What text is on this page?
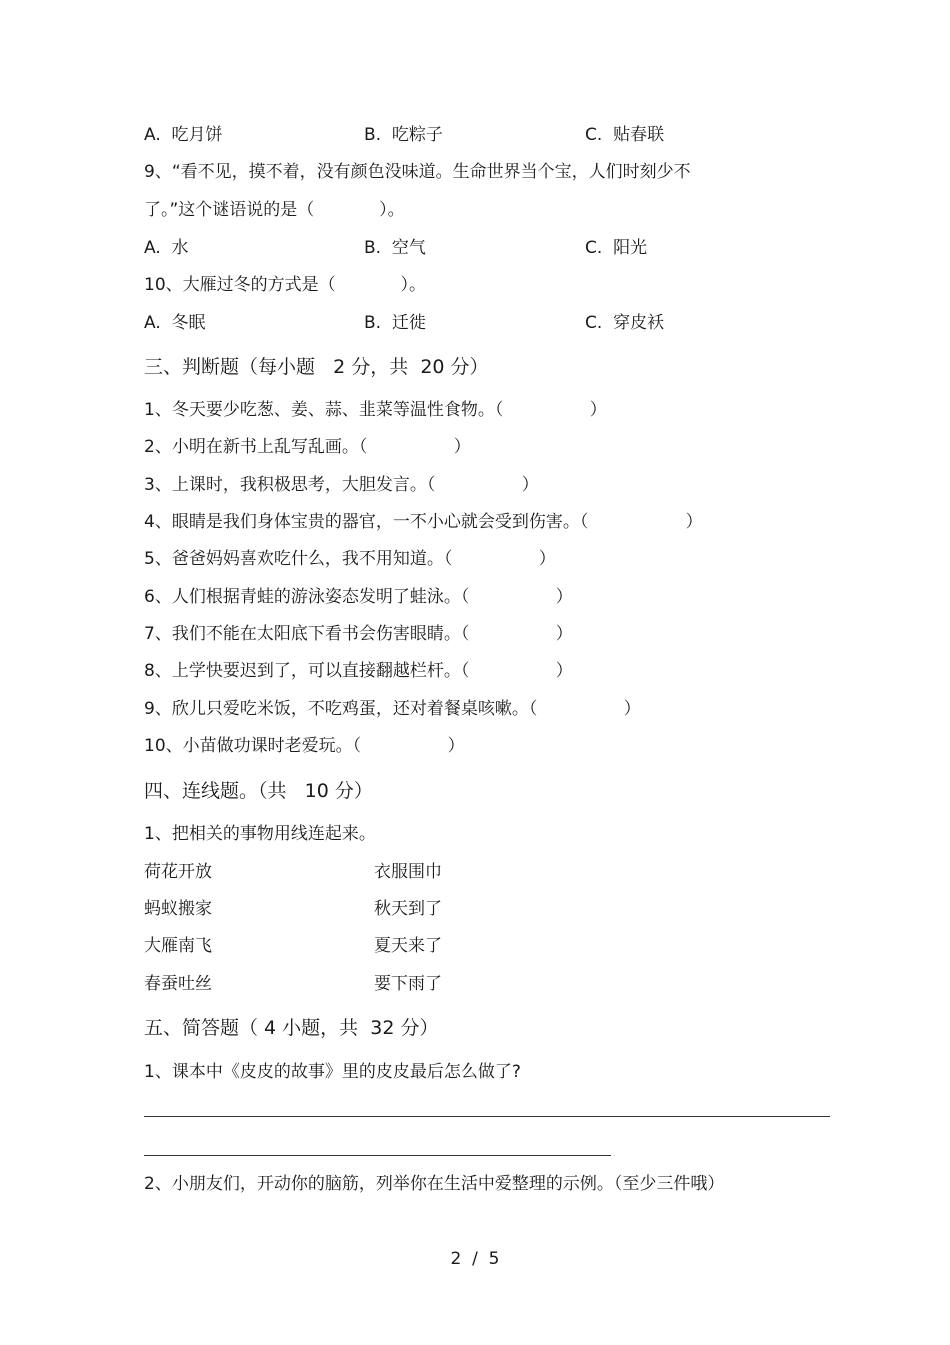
A.  吃月饼	B.  吃粽子	C.  贴春联
9、“看不见，摸不着，没有颜色没味道。生命世界当个宝，人们时刻少不
了。”这个谜语说的是（            ）。
A.  水	B.  空气	C.  阳光
10、大雁过冬的方式是（            ）。
A.  冬眠	B.  迁徙	C.  穿皮袄
三、判断题（每小题   2 分，共  20 分）
1、冬天要少吃葱、姜、蒜、韭菜等温性食物。（                ）
2、小明在新书上乱写乱画。（                ）
3、上课时，我积极思考，大胆发言。（                ）
4、眼睛是我们身体宝贵的器官，一不小心就会受到伤害。（                  ）
5、爸爸妈妈喜欢吃什么，我不用知道。（                ）
6、人们根据青蛙的游泳姿态发明了蛙泳。（                ）
7、我们不能在太阳底下看书会伤害眼睛。（                ）
8、上学快要迟到了，可以直接翻越栏杆。（                ）
9、欣儿只爱吃米饭，不吃鸡蛋，还对着餐桌咳嗽。（                ）
10、小苗做功课时老爱玩。（                ）
四、连线题。（共   10 分）
1、把相关的事物用线连起来。
荷花开放	衣服围巾
蚂蚁搬家	秋天到了
大雁南飞	夏天来了
春蚕吐丝	要下雨了
五、简答题（ 4 小题，共  32 分）
1、课本中《皮皮的故事》里的皮皮最后怎么做了?
2、小朋友们，开动你的脑筋，列举你在生活中爱整理的示例。（至少三件哦）
2  /  5
